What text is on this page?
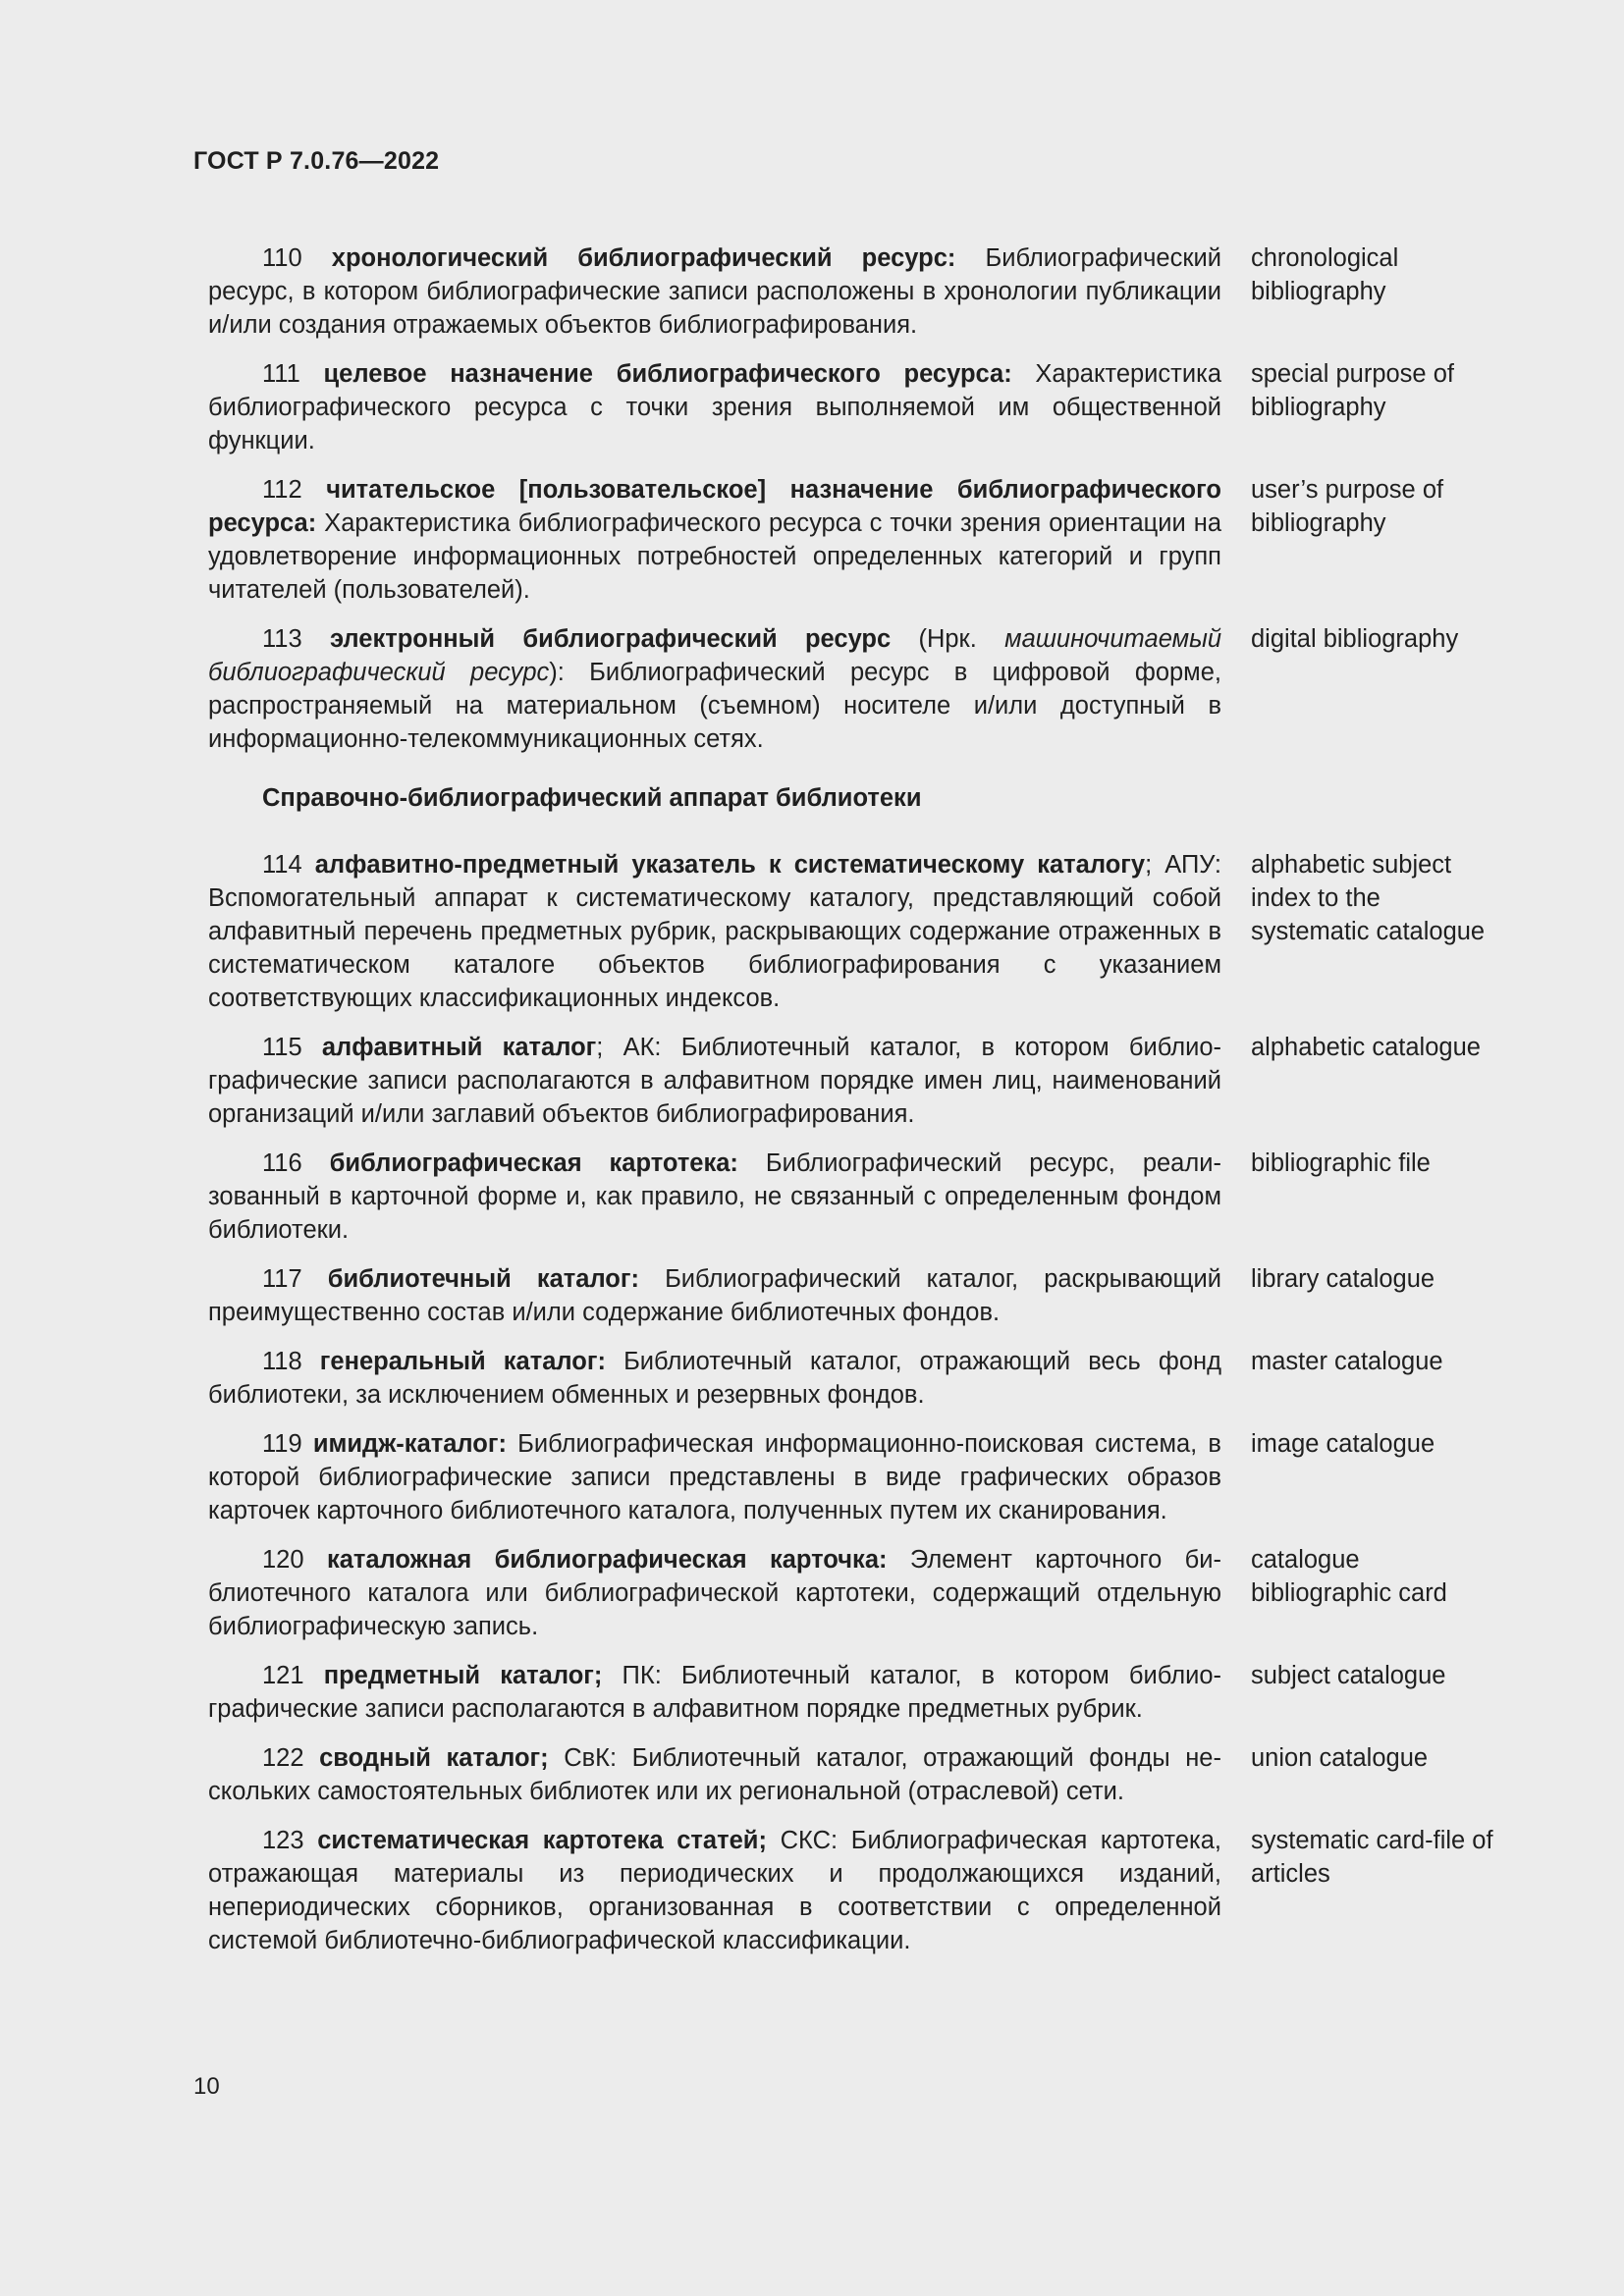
ГОСТ Р 7.0.76—2022
110 хронологический библиографический ресурс: Библиографический ресурс, в котором библиографические записи расположены в хронологии публикации и/или создания отражаемых объектов библиографирования.
chronological bibliography
111 целевое назначение библиографического ресурса: Характеристика библиографического ресурса с точки зрения выполняемой им общественной функции.
special purpose of bibliography
112 читательское [пользовательское] назначение библиографического ресурса: Характеристика библиографического ресурса с точки зрения ориентации на удовлетворение информационных потребностей определенных категорий и групп читателей (пользователей).
user’s purpose of bibliography
113 электронный библиографический ресурс (Нрк. машиночитаемый библиографический ресурс): Библиографический ресурс в цифровой форме, распространяемый на материальном (съемном) носителе и/или доступный в информационно-телекоммуникационных сетях.
digital bibliography
Справочно-библиографический аппарат библиотеки
114 алфавитно-предметный указатель к систематическому каталогу; АПУ: Вспомогательный аппарат к систематическому каталогу, представляющий собой алфавитный перечень предметных рубрик, раскрывающих содержание отраженных в систематическом каталоге объектов библиографирования с указанием соответствующих классификационных индексов.
alphabetic subject index to the systematic catalogue
115 алфавитный каталог; АК: Библиотечный каталог, в котором библиографические записи располагаются в алфавитном порядке имен лиц, наименований организаций и/или заглавий объектов библиографирования.
alphabetic catalogue
116 библиографическая картотека: Библиографический ресурс, реализованный в карточной форме и, как правило, не связанный с определенным фондом библиотеки.
bibliographic file
117 библиотечный каталог: Библиографический каталог, раскрывающий преимущественно состав и/или содержание библиотечных фондов.
library catalogue
118 генеральный каталог: Библиотечный каталог, отражающий весь фонд библиотеки, за исключением обменных и резервных фондов.
master catalogue
119 имидж-каталог: Библиографическая информационно-поисковая система, в которой библиографические записи представлены в виде графических образов карточек карточного библиотечного каталога, полученных путем их сканирования.
image catalogue
120 каталожная библиографическая карточка: Элемент карточного библиотечного каталога или библиографической картотеки, содержащий отдельную библиографическую запись.
catalogue bibliographic card
121 предметный каталог; ПК: Библиотечный каталог, в котором библиографические записи располагаются в алфавитном порядке предметных рубрик.
subject catalogue
122 сводный каталог; СвК: Библиотечный каталог, отражающий фонды нескольких самостоятельных библиотек или их региональной (отраслевой) сети.
union catalogue
123 систематическая картотека статей; СКС: Библиографическая картотека, отражающая материалы из периодических и продолжающихся изданий, непериодических сборников, организованная в соответствии с определенной системой библиотечно-библиографической классификации.
systematic card-file of articles
10
